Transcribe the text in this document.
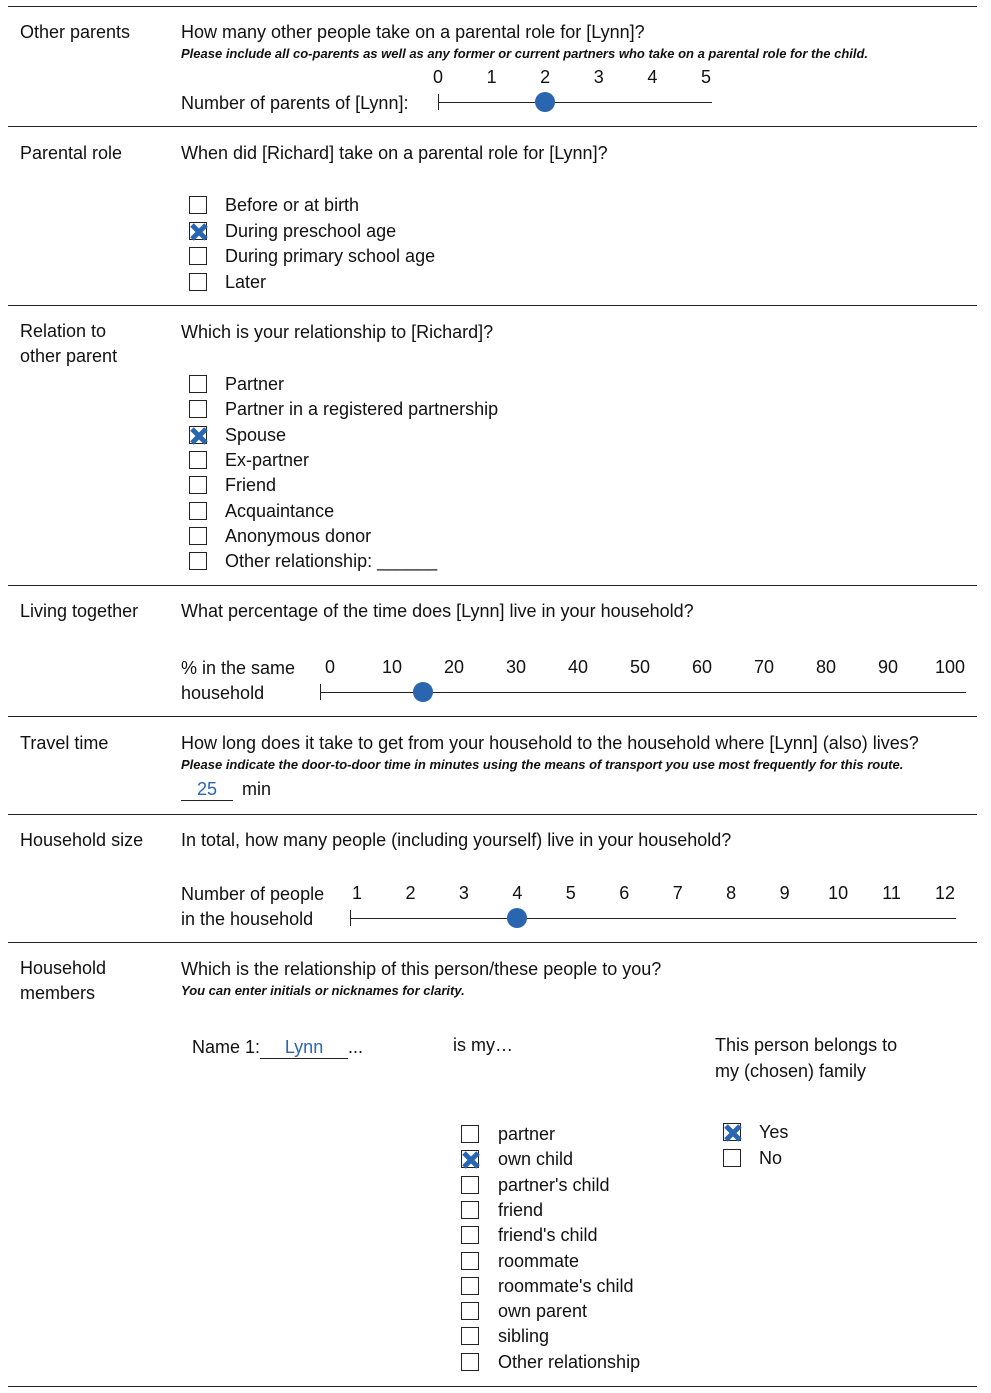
Other parents	How many other people take on a parental role for [Lynn]?
Please include all co-parents as well as any former or current partners who take on a parental role for the child.
Number of parents of [Lynn]:
0	1	2	3	4	5
Parental role	When did [Richard] take on a parental role for [Lynn]?
Before or at birth
During preschool age
During primary school age
Later
Relation to
other parent
Which is your relationship to [Richard]?
Partner
Partner in a registered partnership
Spouse
Ex-partner
Friend
Acquaintance
Anonymous donor
Other relationship: ______
Living together What percentage of the time does [Lynn] live in your household?
% in the same
household
0	10	20	30	40	50	60	70	80	90	100
Travel time	How long does it take to get from your household to the household where [Lynn] (also) lives?
Please indicate the door-to-door time in minutes using the means of transport you use most frequently for this route.
25 min
Household size In total, how many people (including yourself) live in your household?
Number of people
in the household
1	2	3	4	5	6	7	8	9	10	11	12
Household
members
Which is the relationship of this person/these people to you?
You can enter initials or nicknames for clarity.
Name 1: Lynn ...	is my…	This person belongs to
my (chosen) family
partner
own child
partner's child
friend
friend's child
roommate
roommate's child
own parent
sibling
Other relationship
Yes
No
